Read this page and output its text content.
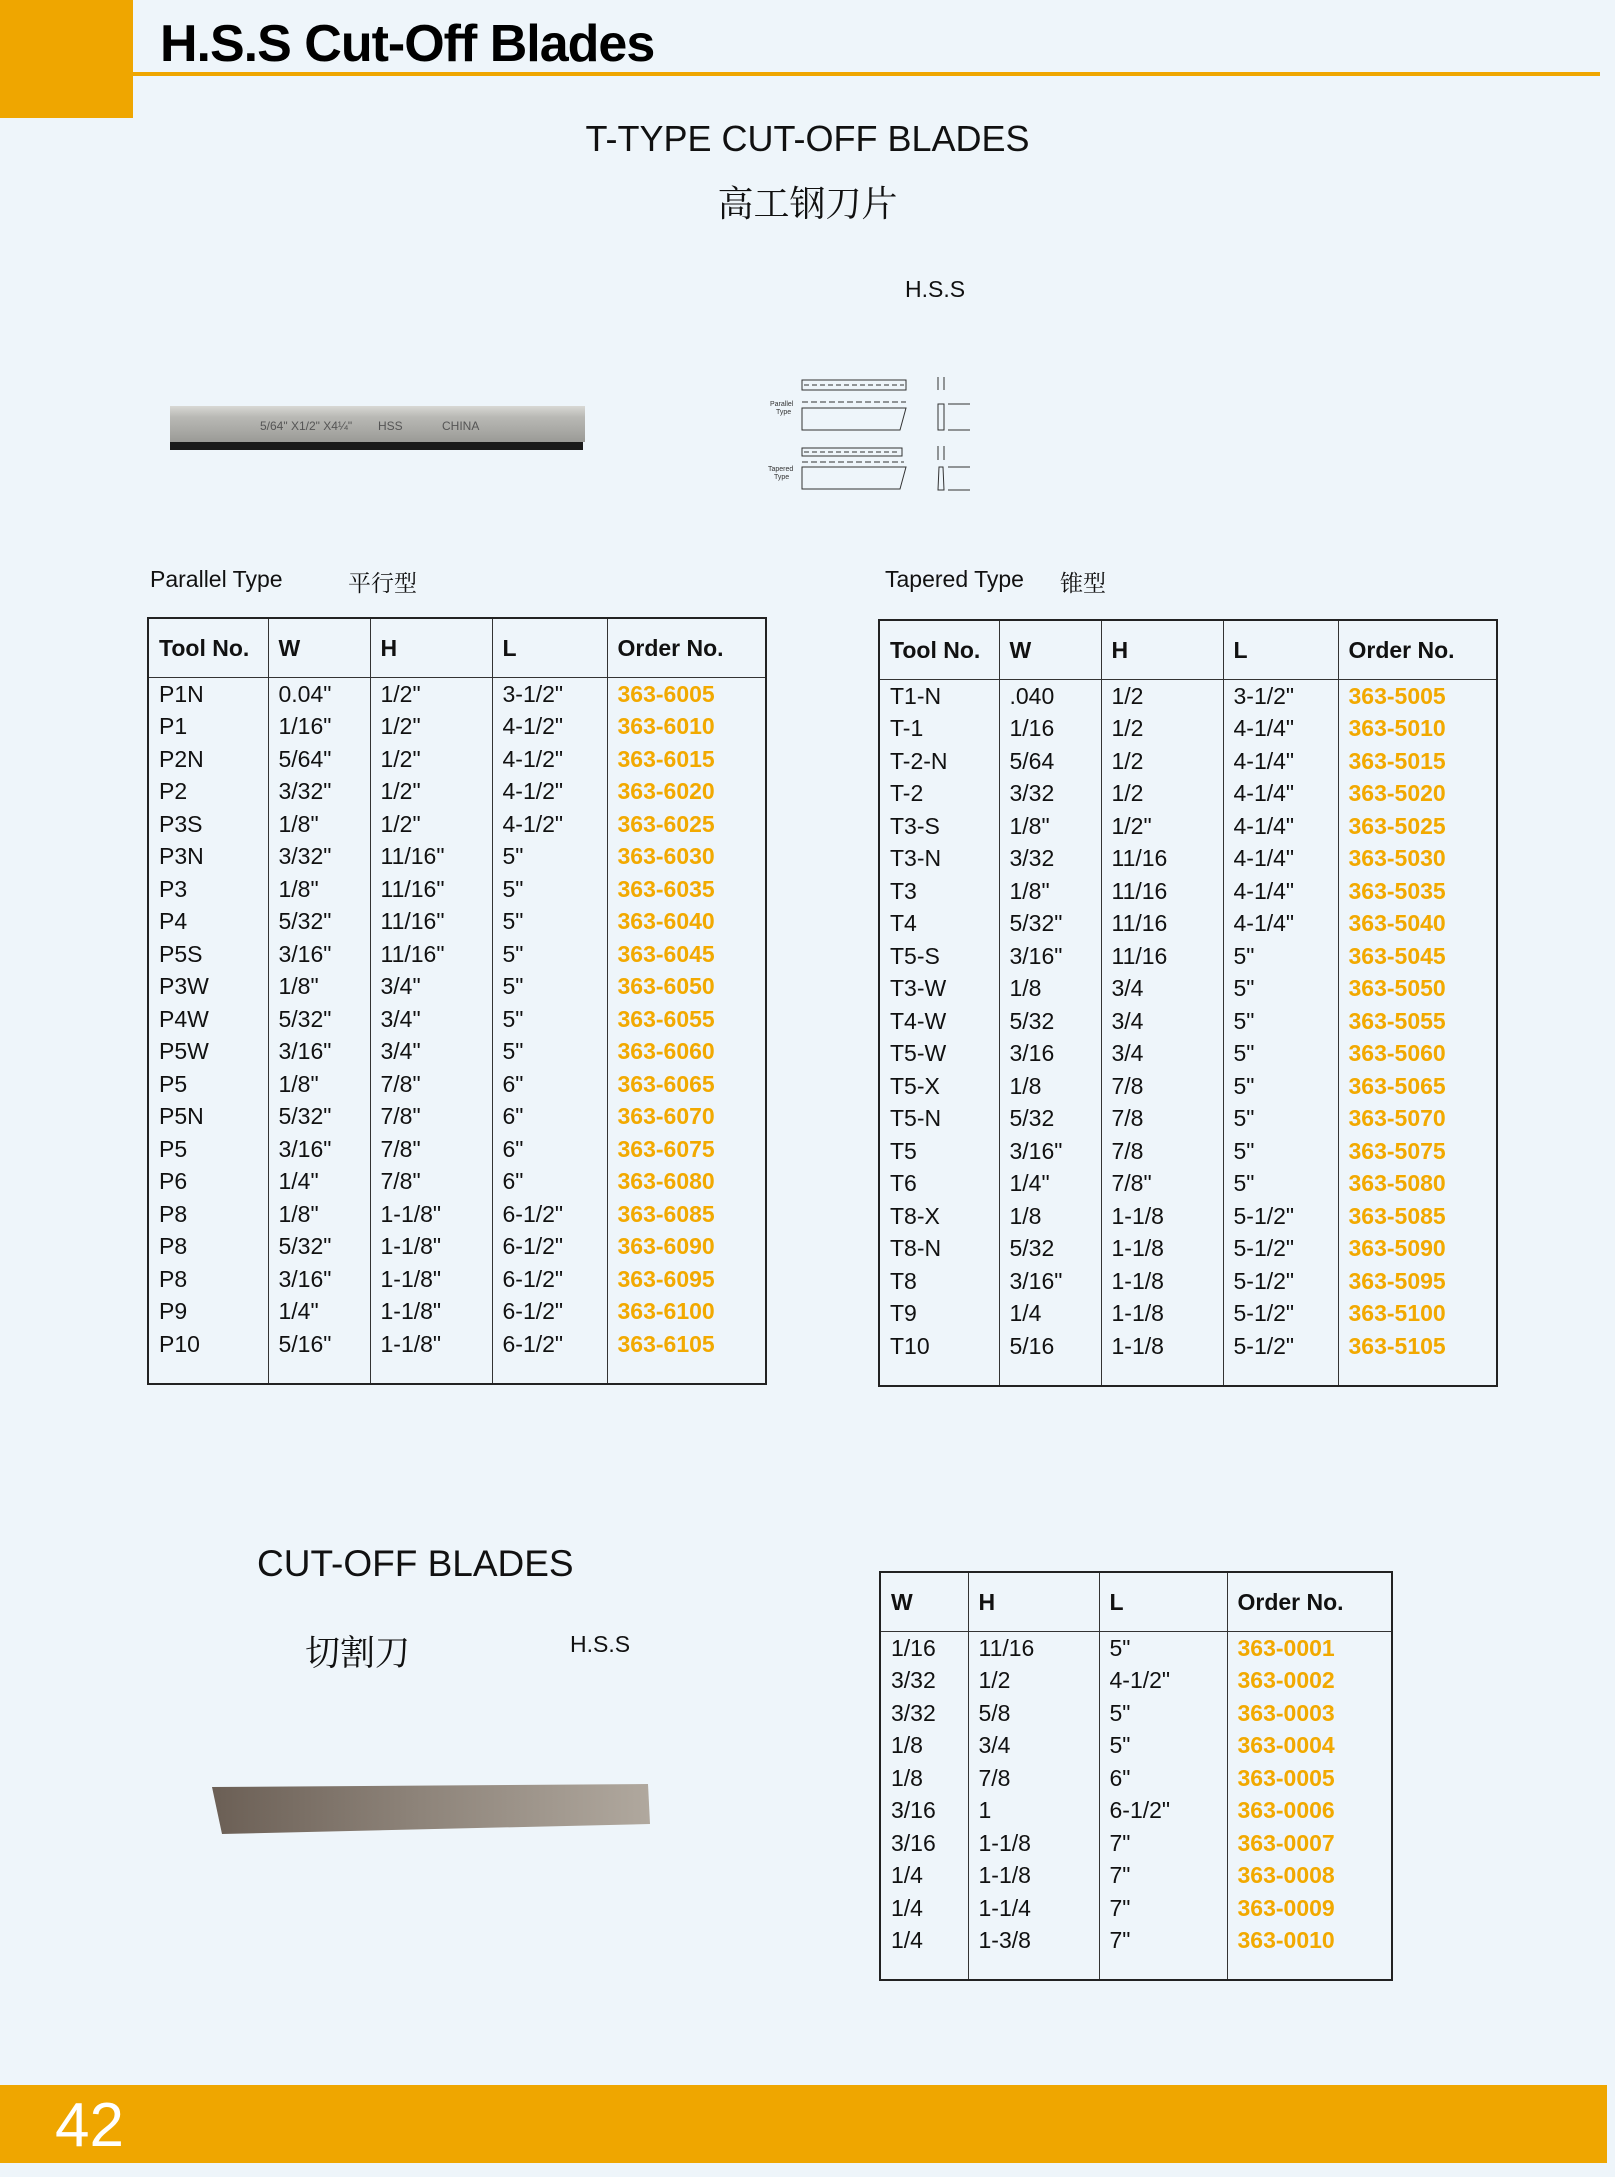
H.S.S Cut-Off Blades
T-TYPE CUT-OFF BLADES
高工钢刀片
H.S.S
Parallel
Type
Tapered
Type
5/64" X1/2" X4¼" HSS	CHINA
Parallel Type	平行型	Tapered Type 锥型
Tool No.	W	H	L	Order No.
P1N	0.04"	1/2"	3-1/2"	363-6005
P1	1/16"	1/2"	4-1/2"	363-6010
P2N	5/64"	1/2"	4-1/2"	363-6015
P2	3/32"	1/2"	4-1/2"	363-6020
P3S	1/8"	1/2"	4-1/2"	363-6025
P3N	3/32"	11/16"	5"	363-6030
P3	1/8"	11/16"	5"	363-6035
P4	5/32"	11/16"	5"	363-6040
P5S	3/16"	11/16"	5"	363-6045
P3W	1/8"	3/4"	5"	363-6050
P4W	5/32"	3/4"	5"	363-6055
P5W	3/16"	3/4"	5"	363-6060
P5	1/8"	7/8"	6"	363-6065
P5N	5/32"	7/8"	6"	363-6070
P5	3/16"	7/8"	6"	363-6075
P6	1/4"	7/8"	6"	363-6080
P8	1/8"	1-1/8"	6-1/2"	363-6085
P8	5/32"	1-1/8"	6-1/2"	363-6090
P8	3/16"	1-1/8"	6-1/2"	363-6095
P9	1/4"	1-1/8"	6-1/2"	363-6100
P10	5/16"	1-1/8"	6-1/2"	363-6105

Tool No.	W	H	L	Order No.
T1-N	.040	1/2	3-1/2"	363-5005
T-1	1/16	1/2	4-1/4"	363-5010
T-2-N	5/64	1/2	4-1/4"	363-5015
T-2	3/32	1/2	4-1/4"	363-5020
T3-S	1/8"	1/2"	4-1/4"	363-5025
T3-N	3/32	11/16	4-1/4"	363-5030
T3	1/8"	11/16	4-1/4"	363-5035
T4	5/32"	11/16	4-1/4"	363-5040
T5-S	3/16"	11/16	5"	363-5045
T3-W	1/8	3/4	5"	363-5050
T4-W	5/32	3/4	5"	363-5055
T5-W	3/16	3/4	5"	363-5060
T5-X	1/8	7/8	5"	363-5065
T5-N	5/32	7/8	5"	363-5070
T5	3/16"	7/8	5"	363-5075
T6	1/4"	7/8"	5"	363-5080
T8-X	1/8	1-1/8	5-1/2"	363-5085
T8-N	5/32	1-1/8	5-1/2"	363-5090
T8	3/16"	1-1/8	5-1/2"	363-5095
T9	1/4	1-1/8	5-1/2"	363-5100
T10	5/16	1-1/8	5-1/2"	363-5105

CUT-OFF BLADES
切割刀	H.S.S
W	H	L	Order No.
1/16	11/16	5"	363-0001
3/32	1/2	4-1/2"	363-0002
3/32	5/8	5"	363-0003
1/8	3/4	5"	363-0004
1/8	7/8	6"	363-0005
3/16	1	6-1/2"	363-0006
3/16	1-1/8	7"	363-0007
1/4	1-1/8	7"	363-0008
1/4	1-1/4	7"	363-0009
1/4	1-3/8	7"	363-0010

42
